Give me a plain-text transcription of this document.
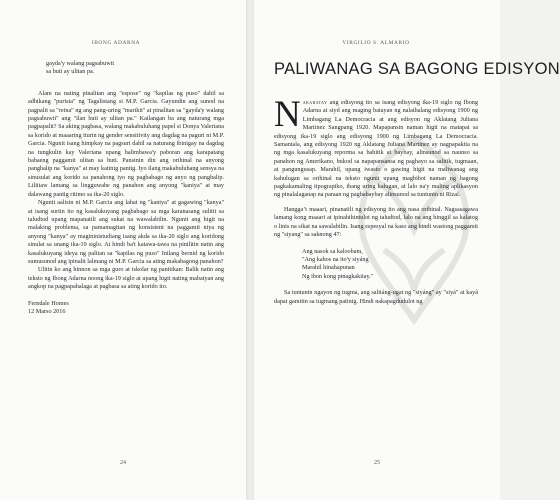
IBONG ADARNA
gayda'y walang pagsabuwit
sa buti ay ulitan pa.

Alam na nating pinalitan ang "espose" ng "kapilas ng puso" dahil sa adhikang "purista" ng Tagalistang si M.P. Garcia. Gayundin ang sunod na pagpalit sa "reina" ng ang pang-uring "marikit" at pinalitan sa "gayda'y walang pagsabuwit" ang "ilan buti ay ulitan pa." Kailangan ba ang naturang mga pagpapalit? Sa aking pagbasa, walang makabuluhang papel si Donya Valeriana sa korido at maaaring iturin ng gender sensitivity ang dagdag na paguri ni M.P. Garcia. Ngunit isang himpkay na pagsuri dahil sa naturang ibinigay na dagdag na tungkulin kay Valeriana upang halimbawa'y paboran ang karapatang babaeng paggamit ulitan sa buti. Pansinin din ang orihinal na anyong panghalip na "kanya" at may katinig pantig. Iyo ilang makabuluhang sensya na sinusulat ang korido sa panahong iyo ng pagbabago ng anyo ng panghalip. Liliitaw lamang sa lingguwahe ng panahon ang anyong "kaniya" at may dalawang pantig ritimo sa ika-20 siglo.

Ngunit aalisin ni M.P. Garcia ang lahat ng "kaniya" at gagawing "kanya" at isang suriin ito ng kasalukuyang pagbabago sa mga karanasang sulitit sa taludtod upang mapanatili ang sukat na wawalabilin. Ngunit ang higit na malaking problema, sa pamamagitan ng konsistent na paggamit niya ng anyong "kanya" ay magininistudiang isang akda sa ika-20 siglo ang koridong sinulat sa unang ika-19 siglo. At hindi ba't katawa-tawa na pinilitin natin ang kasalukuyang ideya ng palitan sa "kapilas ng puso" Inilang bernid ng korido sumusunod ang ipinalit lalmang ni M.P. Garcia sa ating makabagong panahon?

Ulitin ko ang hinnon sa mga guro at iskolar ng panitikan: Balik natin ang teksto ng Ibong Adarna noong ika-19 siglo at upang higit nating mabatyan ang angkop na pagpapahalaga at pagbasa sa ating korido ito.

Ferndale Homes
12 Marso 2016
24
VIRGILIO S. ALMARIO
PALIWANAG SA BAGONG EDISYON

Nakabatay ang edisyong ito sa isang edisyong ika-19 siglo ng Ibong Adarna at siyd ang maging batayan ng nalathalang edisyong 1900 ng Limbagang La Democracia at ang edisyon ng Aklatang Juliana Martinez Sangpang 1920. Mapapansin naman higit na matapat sa edisyong ika-19 siglo ang edisyong 1900 ng Limbagang La Democracia. Samantala, ang edisyong 1920 ng Aklatang Juliana Martinez ay nagpapakita na ng mga kasalukuyang reporma sa bahitik at baybay, alinsunod sa naunso sa panahon ng Amerikano, bukod sa napapansansa ng paghayo sa salitik, tugmaan, at pangungusap. Marahil, upang iwasto o gawing higit na maliwanag ang kahulugan sa orihinal na teksto ngunit upang magbibot naman ng bagong pagkakamaling tipograpiko, ibang uring kalugan, at lalo na'y maling aplikasyon ng pinalalaganap na paraan ng pagbabaybay alinsunod sa tuntunin ni Rizal.

Hanggaʼt maaari, pinanatili ng edisyong ito ang nasa orihinal. Nagsasagawa lamang kong maaari at ipinahihintulot ng taludtod, lalo na ang hinggil sa kalatog o linis na sikat na sawalabilin. Isang espesyal na kaso ang hindi wastong paggamit ng "siyang" sa saknong 47:

Ang nasok sa kaloobam,
"Ang kahos na ito'y siyáng
Marahil hinahapunan
Ng ibon kong pinagkakitay."

Sa tuntunin ngayon ng tugma, ang salitáng-ugat ng "siyáng" ay "siyá" at kayâ dapat gamitin sa tugmang patinig. Hindi nakapagdudulot ng

25
